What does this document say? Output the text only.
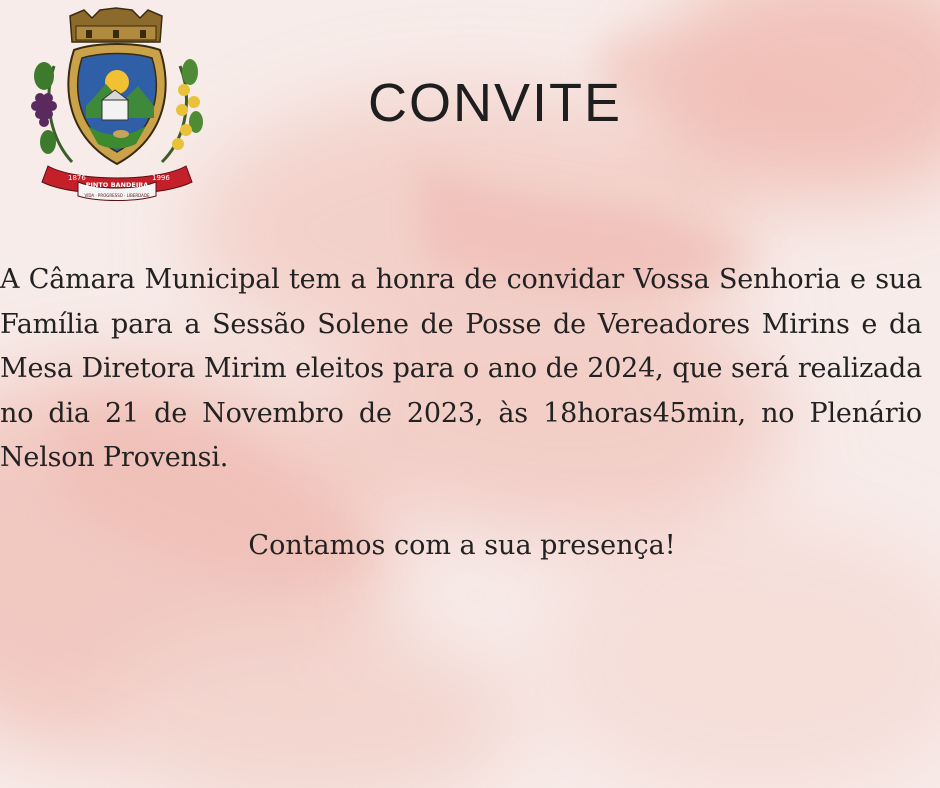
1876
PINTO BANDEIRA
1996
VIDA · PROGRESSO · LIBERDADE
CONVITE
A Câmara Municipal tem a honra de convidar Vossa Senhoria e sua Família para a Sessão Solene de Posse de Vereadores Mirins e da Mesa Diretora Mirim eleitos para o ano de 2024, que será realizada no dia 21 de Novembro de 2023, às 18horas45min, no Plenário Nelson Provensi.
Contamos com a sua presença!
